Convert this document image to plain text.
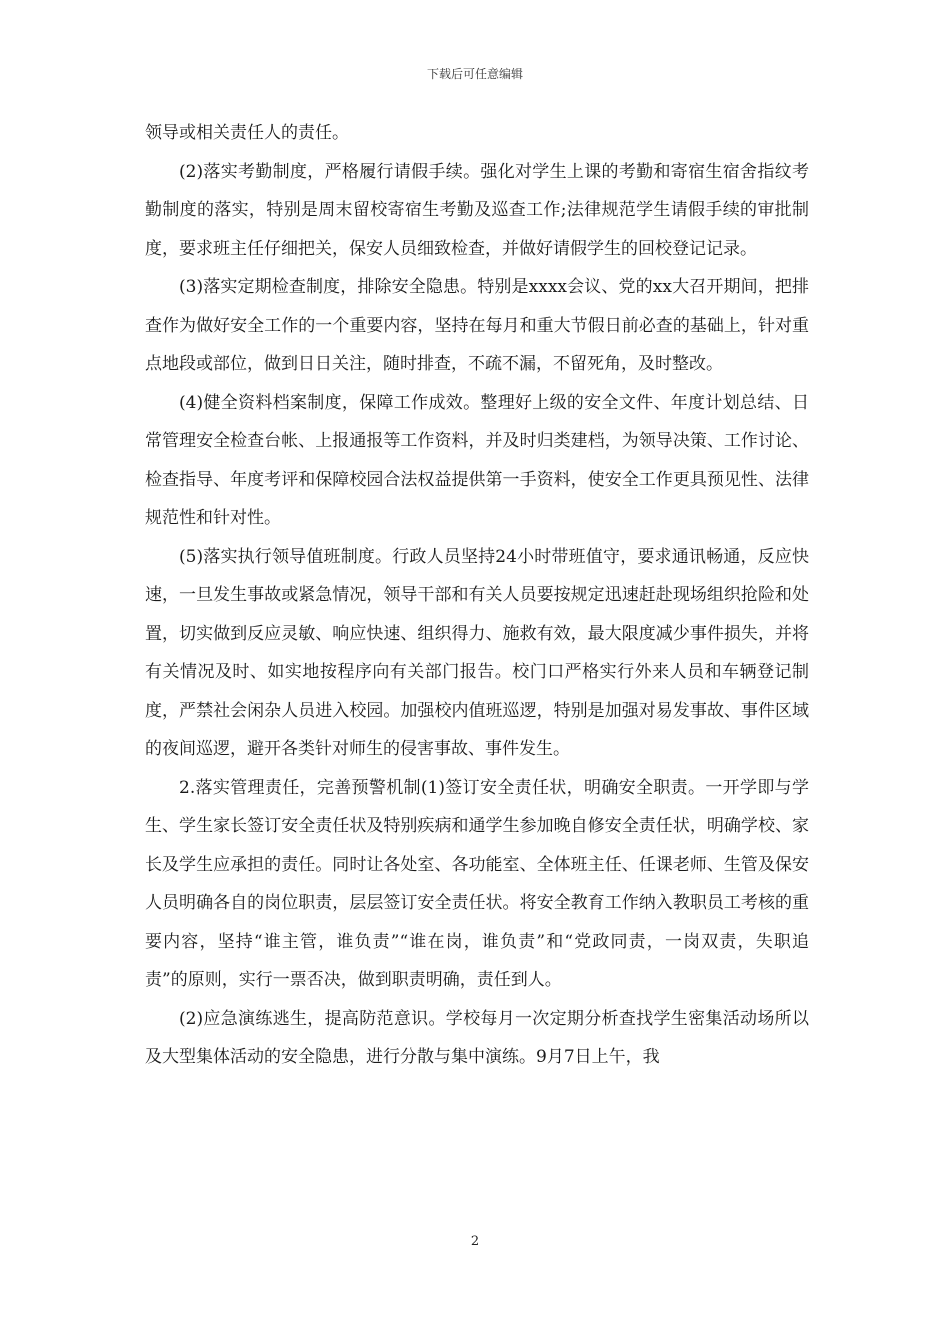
下载后可任意编辑

领导或相关责任人的责任。

(2)落实考勤制度，严格履行请假手续。强化对学生上课的考勤和寄宿生宿舍指纹考勤制度的落实，特别是周末留校寄宿生考勤及巡查工作;法律规范学生请假手续的审批制度，要求班主任仔细把关，保安人员细致检查，并做好请假学生的回校登记记录。

(3)落实定期检查制度，排除安全隐患。特别是xxxx会议、党的xx大召开期间，把排查作为做好安全工作的一个重要内容，坚持在每月和重大节假日前必查的基础上，针对重点地段或部位，做到日日关注，随时排查，不疏不漏，不留死角，及时整改。

(4)健全资料档案制度，保障工作成效。整理好上级的安全文件、年度计划总结、日常管理安全检查台帐、上报通报等工作资料，并及时归类建档，为领导决策、工作讨论、检查指导、年度考评和保障校园合法权益提供第一手资料，使安全工作更具预见性、法律规范性和针对性。

(5)落实执行领导值班制度。行政人员坚持24小时带班值守，要求通讯畅通，反应快速，一旦发生事故或紧急情况，领导干部和有关人员要按规定迅速赶赴现场组织抢险和处置，切实做到反应灵敏、响应快速、组织得力、施救有效，最大限度减少事件损失，并将有关情况及时、如实地按程序向有关部门报告。校门口严格实行外来人员和车辆登记制度，严禁社会闲杂人员进入校园。加强校内值班巡逻，特别是加强对易发事故、事件区域的夜间巡逻，避开各类针对师生的侵害事故、事件发生。

2.落实管理责任，完善预警机制(1)签订安全责任状，明确安全职责。一开学即与学生、学生家长签订安全责任状及特别疾病和通学生参加晚自修安全责任状，明确学校、家长及学生应承担的责任。同时让各处室、各功能室、全体班主任、任课老师、生管及保安人员明确各自的岗位职责，层层签订安全责任状。将安全教育工作纳入教职员工考核的重要内容，坚持“谁主管，谁负责”“谁在岗，谁负责”和“党政同责，一岗双责，失职追责”的原则，实行一票否决，做到职责明确，责任到人。

(2)应急演练逃生，提高防范意识。学校每月一次定期分析查找学生密集活动场所以及大型集体活动的安全隐患，进行分散与集中演练。9月7日上午，我

2
